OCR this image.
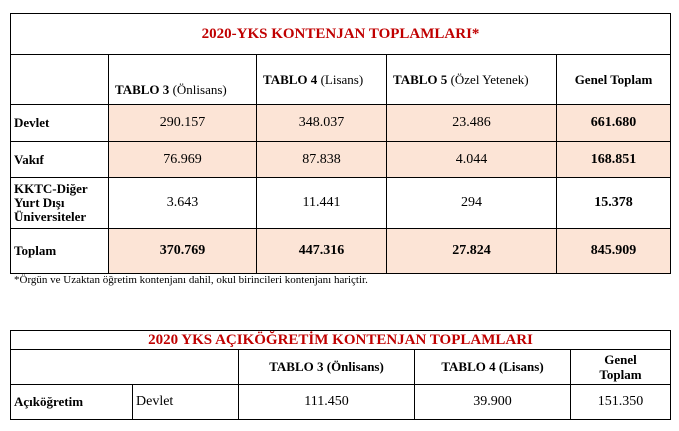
2020-YKS KONTENJAN TOPLAMLARI*				
	TABLO 3 (Önlisans)	TABLO 4 (Lisans)	TABLO 5 (Özel Yetenek)	Genel Toplam
Devlet	290.157	348.037	23.486	661.680
Vakıf	76.969	87.838	4.044	168.851

KKTC-Diğer
Yurt Dışı
Üniversiteler	3.643	11.441	294	15.378
Toplam	370.769	447.316	27.824	845.909
*Örgün ve Uzaktan öğretim kontenjanı dahil, okul birincileri kontenjanı hariçtir.
2020 YKS AÇIKÖĞRETİM KONTENJAN TOPLAMLARI				
		TABLO 3 (Önlisans)	TABLO 4 (Lisans)	Genel
Toplam

Açıköğretim	Devlet	111.450	39.900	151.350
